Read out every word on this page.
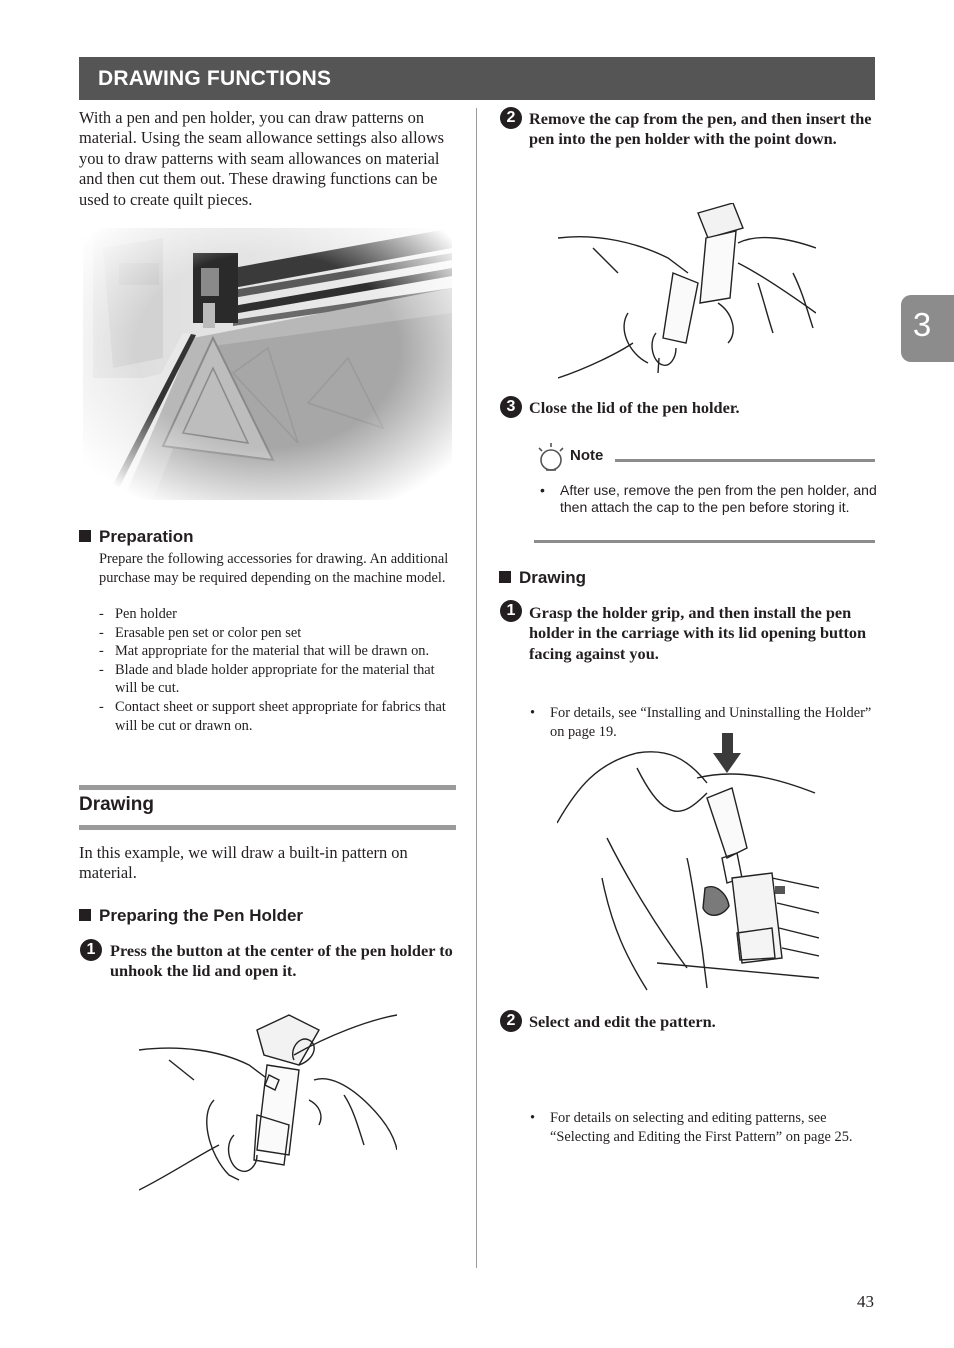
DRAWING FUNCTIONS
3
With a pen and pen holder, you can draw patterns on material. Using the seam allowance settings also allows you to draw patterns with seam allowances on material and then cut them out. These drawing functions can be used to create quilt pieces.
Preparation
Prepare the following accessories for drawing. An additional purchase may be required depending on the machine model.
- Pen holder
- Erasable pen set or color pen set
- Mat appropriate for the material that will be drawn on.
- Blade and blade holder appropriate for the material that will be cut.
- Contact sheet or support sheet appropriate for fabrics that will be cut or drawn on.
Drawing
In this example, we will draw a built-in pattern on material.
Preparing the Pen Holder
1 Press the button at the center of the pen holder to unhook the lid and open it.
2 Remove the cap from the pen, and then insert the pen into the pen holder with the point down.
3 Close the lid of the pen holder.
Note
• After use, remove the pen from the pen holder, and then attach the cap to the pen before storing it.
Drawing
1 Grasp the holder grip, and then install the pen holder in the carriage with its lid opening button facing against you.
• For details, see “Installing and Uninstalling the Holder” on page 19.
2 Select and edit the pattern.
• For details on selecting and editing patterns, see “Selecting and Editing the First Pattern” on page 25.
43
